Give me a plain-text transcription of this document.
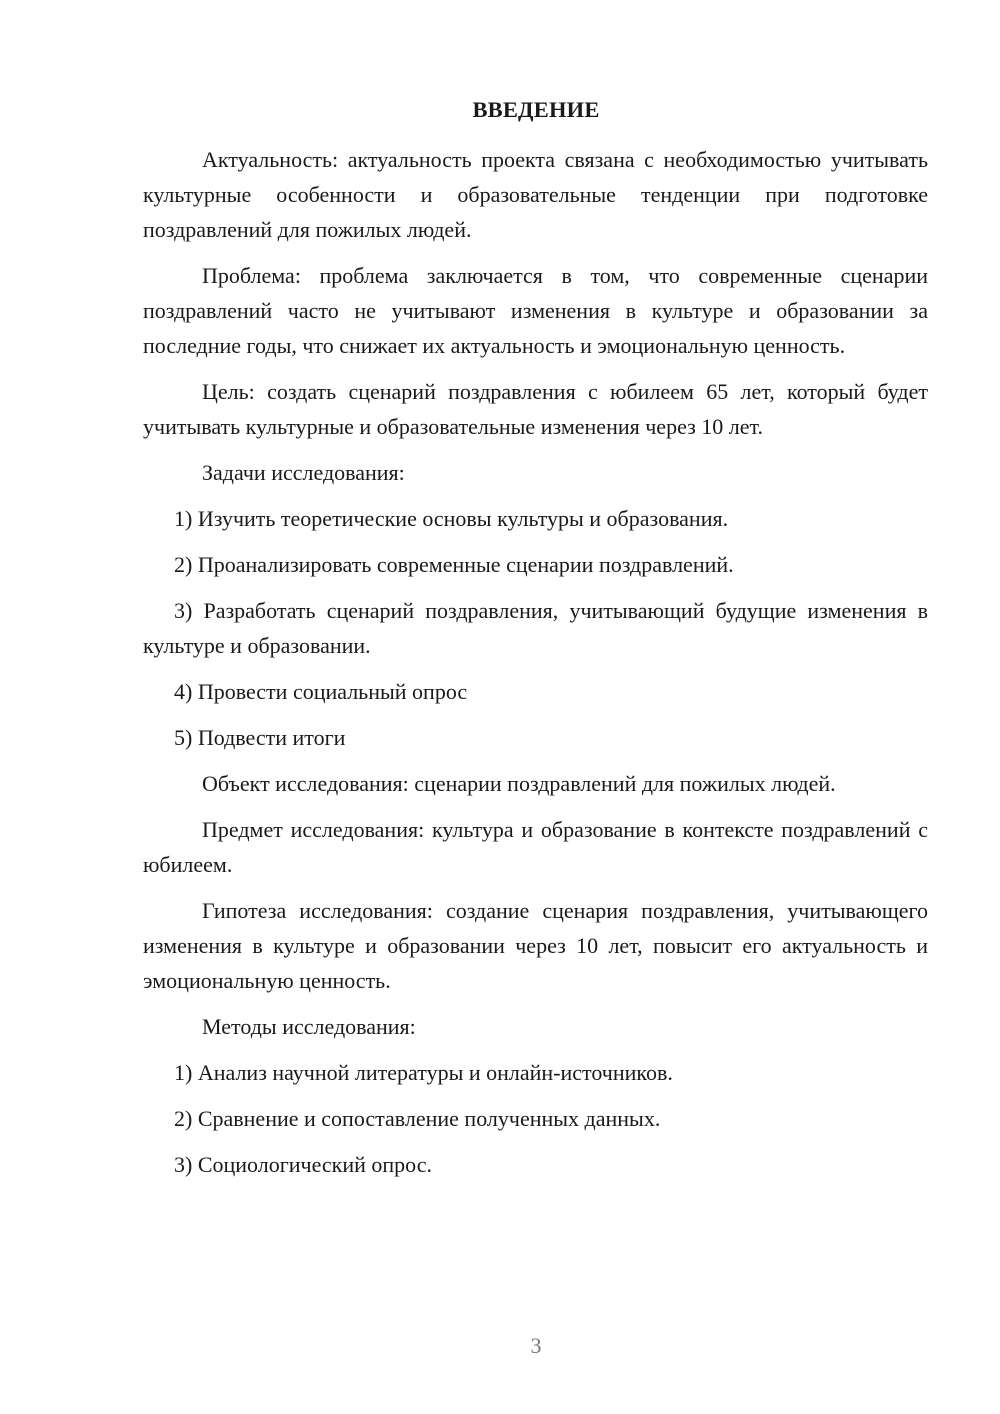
ВВЕДЕНИЕ

Актуальность: актуальность проекта связана с необходимостью учитывать культурные особенности и образовательные тенденции при подготовке поздравлений для пожилых людей.

Проблема: проблема заключается в том, что современные сценарии поздравлений часто не учитывают изменения в культуре и образовании за последние годы, что снижает их актуальность и эмоциональную ценность.

Цель: создать сценарий поздравления с юбилеем 65 лет, который будет учитывать культурные и образовательные изменения через 10 лет.

Задачи исследования:

1) Изучить теоретические основы культуры и образования.

2) Проанализировать современные сценарии поздравлений.

3) Разработать сценарий поздравления, учитывающий будущие изменения в культуре и образовании.

4) Провести социальный опрос

5) Подвести итоги

Объект исследования: сценарии поздравлений для пожилых людей.

Предмет исследования: культура и образование в контексте поздравлений с юбилеем.

Гипотеза исследования: создание сценария поздравления, учитывающего изменения в культуре и образовании через 10 лет, повысит его актуальность и эмоциональную ценность.

Методы исследования:

1) Анализ научной литературы и онлайн-источников.

2) Сравнение и сопоставление полученных данных.

3) Социологический опрос.

3
